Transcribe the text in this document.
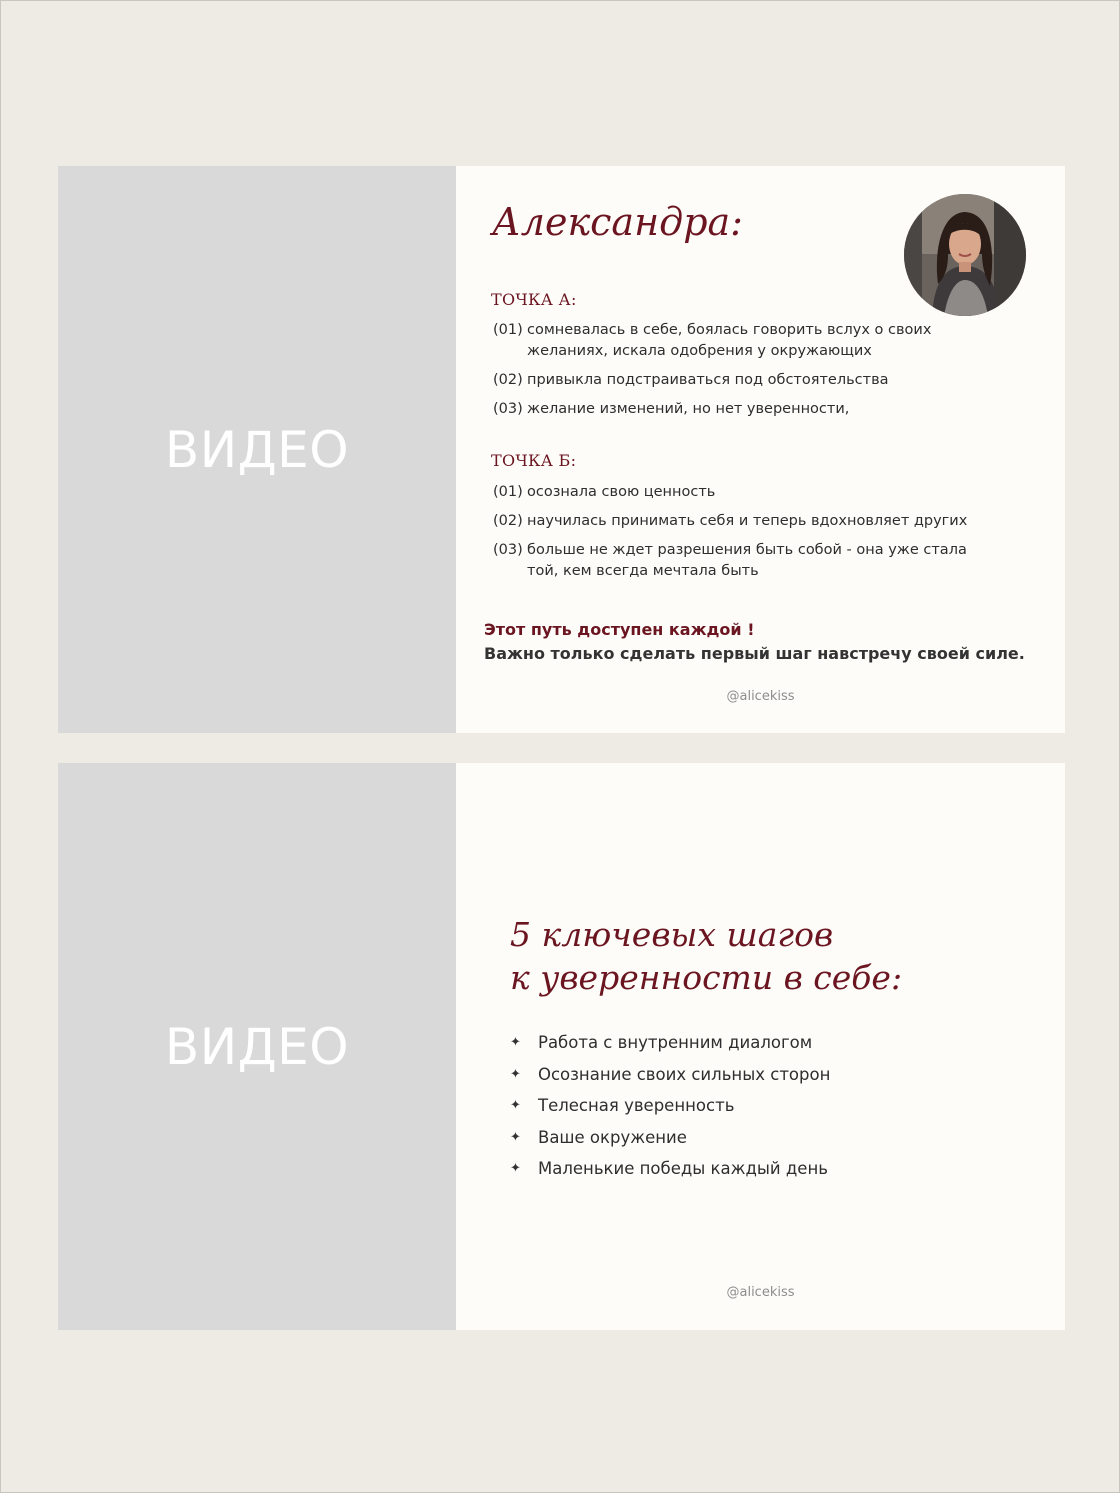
ВИДЕО
Александра:
ТОЧКА А:
(01) сомневалась в себе, боялась говорить вслух о своих желаниях, искала одобрения у окружающих
(02) привыкла подстраиваться под обстоятельства
(03) желание изменений, но нет уверенности,
ТОЧКА Б:
(01) осознала свою ценность
(02) научилась принимать себя и теперь вдохновляет других
(03) больше не ждет разрешения быть собой - она уже стала той, кем всегда мечтала быть
Этот путь доступен каждой !
Важно только сделать первый шаг навстречу своей силе.
@alicekiss
ВИДЕО
5 ключевых шагов
к уверенности в себе:
✦	Работа с внутренним диалогом
✦	Осознание своих сильных сторон
✦	Телесная уверенность
✦	Ваше окружение
✦	Маленькие победы каждый день
@alicekiss
